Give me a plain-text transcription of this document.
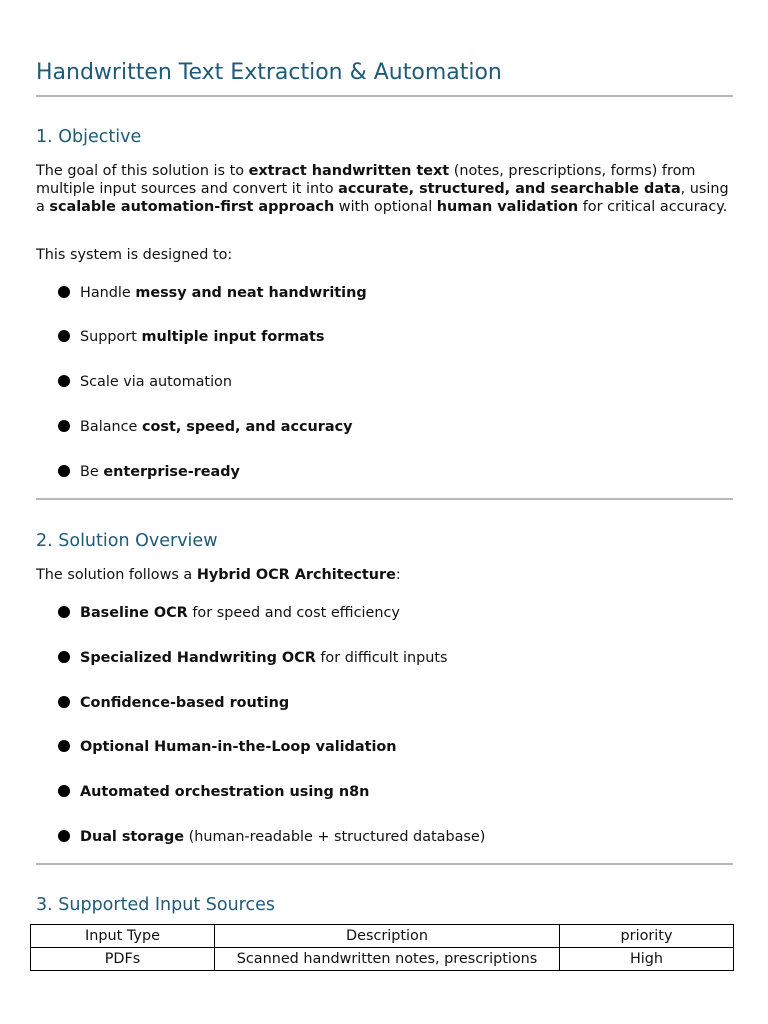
Handwritten Text Extraction & Automation
1. Objective

The goal of this solution is to extract handwritten text (notes, prescriptions, forms) from multiple input sources and convert it into accurate, structured, and searchable data, using a scalable automation-first approach with optional human validation for critical accuracy.

This system is designed to:

Handle messy and neat handwriting
Support multiple input formats
Scale via automation
Balance cost, speed, and accuracy
Be enterprise-ready
2. Solution Overview

The solution follows a Hybrid OCR Architecture:

Baseline OCR for speed and cost efficiency
Specialized Handwriting OCR for difficult inputs
Confidence-based routing
Optional Human-in-the-Loop validation
Automated orchestration using n8n
Dual storage (human-readable + structured database)
3. Supported Input Sources
Input Type	Description	priority
PDFs	Scanned handwritten notes, prescriptions	High
